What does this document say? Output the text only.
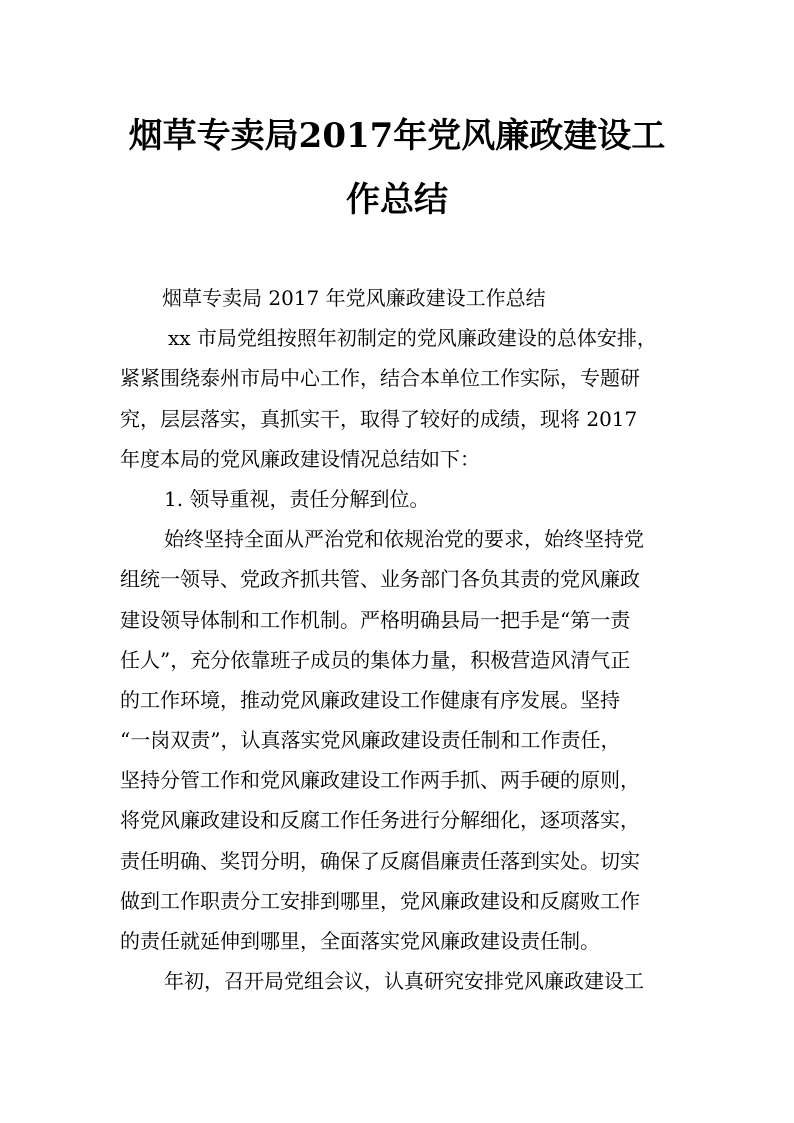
烟草专卖局2017年党风廉政建设工
作总结
烟草专卖局 2017 年党风廉政建设工作总结
xx 市局党组按照年初制定的党风廉政建设的总体安排，
紧紧围绕泰州市局中心工作，结合本单位工作实际，专题研
究，层层落实，真抓实干，取得了较好的成绩，现将 2017
年度本局的党风廉政建设情况总结如下：
1. 领导重视，责任分解到位。
始终坚持全面从严治党和依规治党的要求，始终坚持党
组统一领导、党政齐抓共管、业务部门各负其责的党风廉政
建设领导体制和工作机制。严格明确县局一把手是“第一责
任人”，充分依靠班子成员的集体力量，积极营造风清气正
的工作环境，推动党风廉政建设工作健康有序发展。坚持
“一岗双责”，认真落实党风廉政建设责任制和工作责任，
坚持分管工作和党风廉政建设工作两手抓、两手硬的原则，
将党风廉政建设和反腐工作任务进行分解细化，逐项落实，
责任明确、奖罚分明，确保了反腐倡廉责任落到实处。切实
做到工作职责分工安排到哪里，党风廉政建设和反腐败工作
的责任就延伸到哪里，全面落实党风廉政建设责任制。
年初，召开局党组会议，认真研究安排党风廉政建设工
